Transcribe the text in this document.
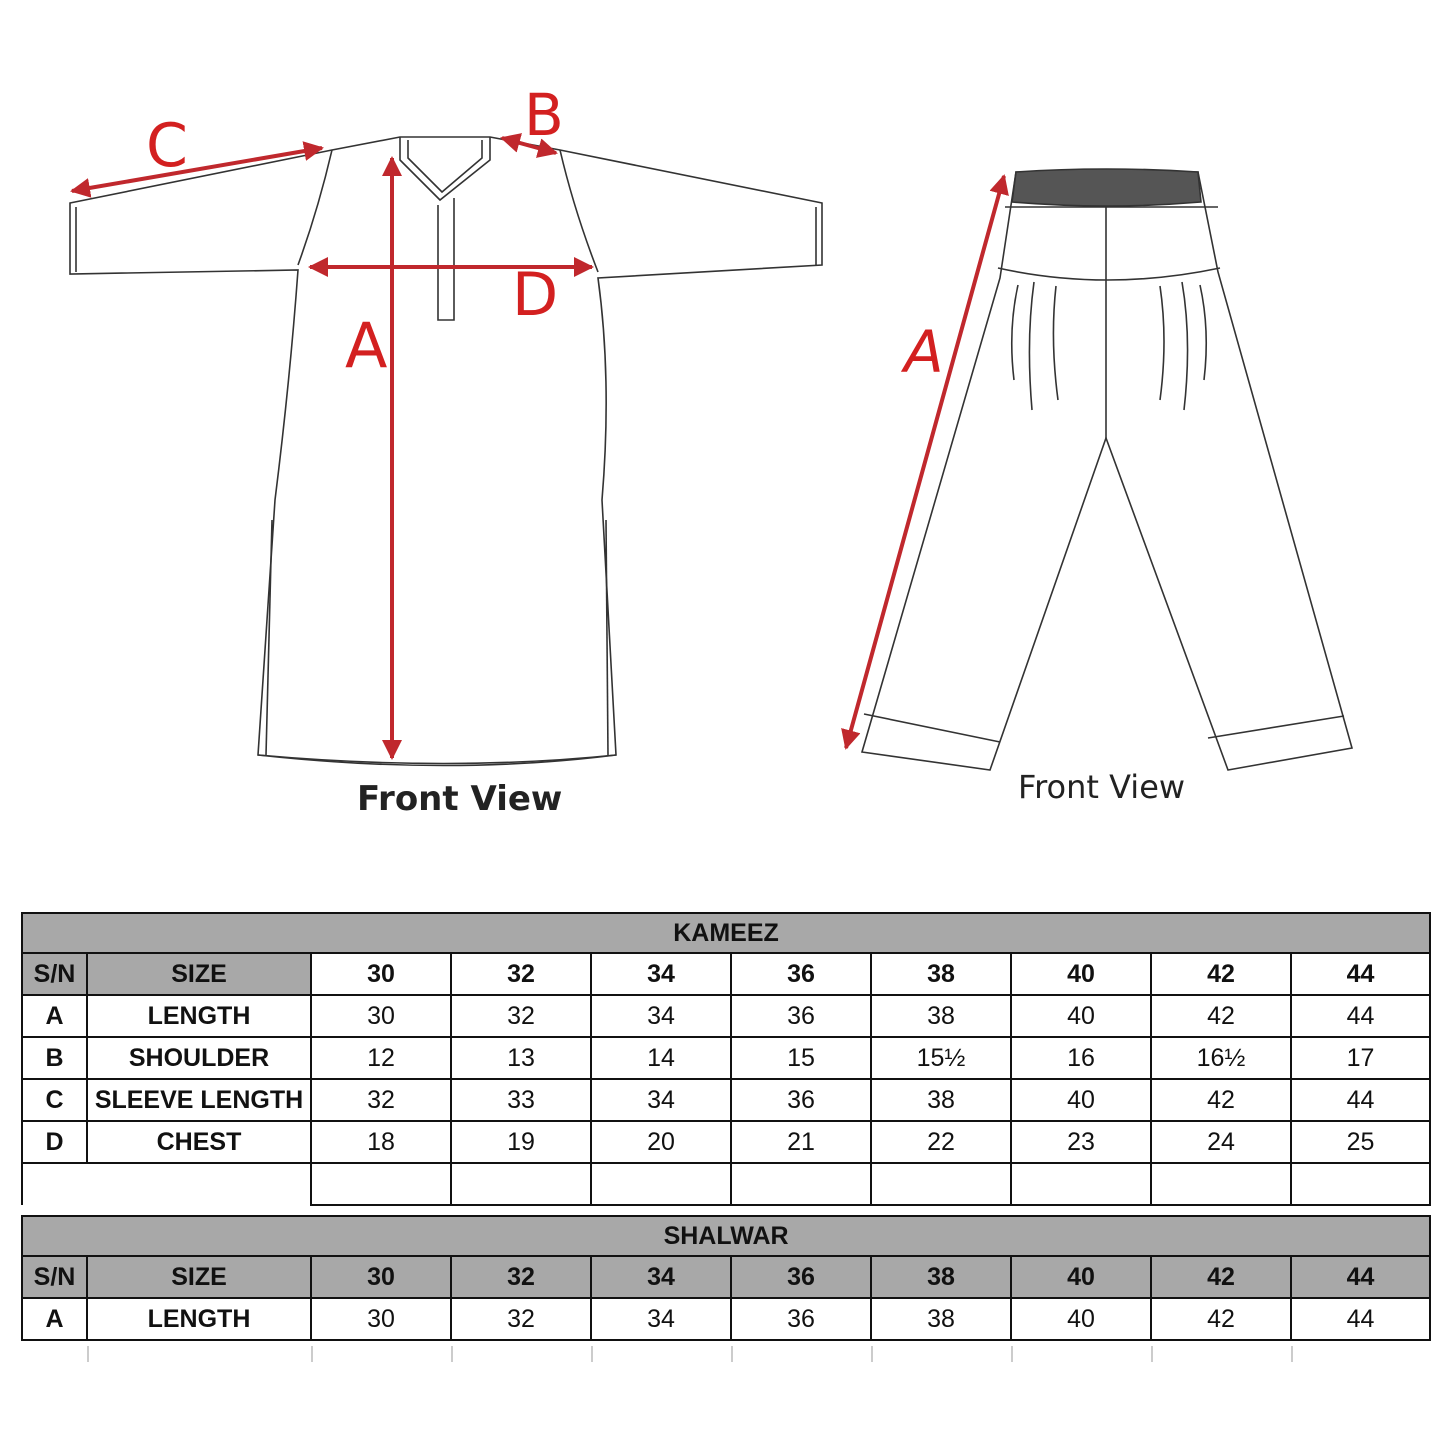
C	B
D
A
Front View
A
Front View
KAMEEZ									
S/N	SIZE	30	32	34	36	38	40	42	44
A	LENGTH	30	32	34	36	38	40	42	44
B	SHOULDER	12	13	14	15	15½	16	16½	17
C	SLEEVE LENGTH	32	33	34	36	38	40	42	44
D	CHEST	18	19	20	21	22	23	24	25

SHALWAR									
S/N	SIZE	30	32	34	36	38	40	42	44
A	LENGTH	30	32	34	36	38	40	42	44
